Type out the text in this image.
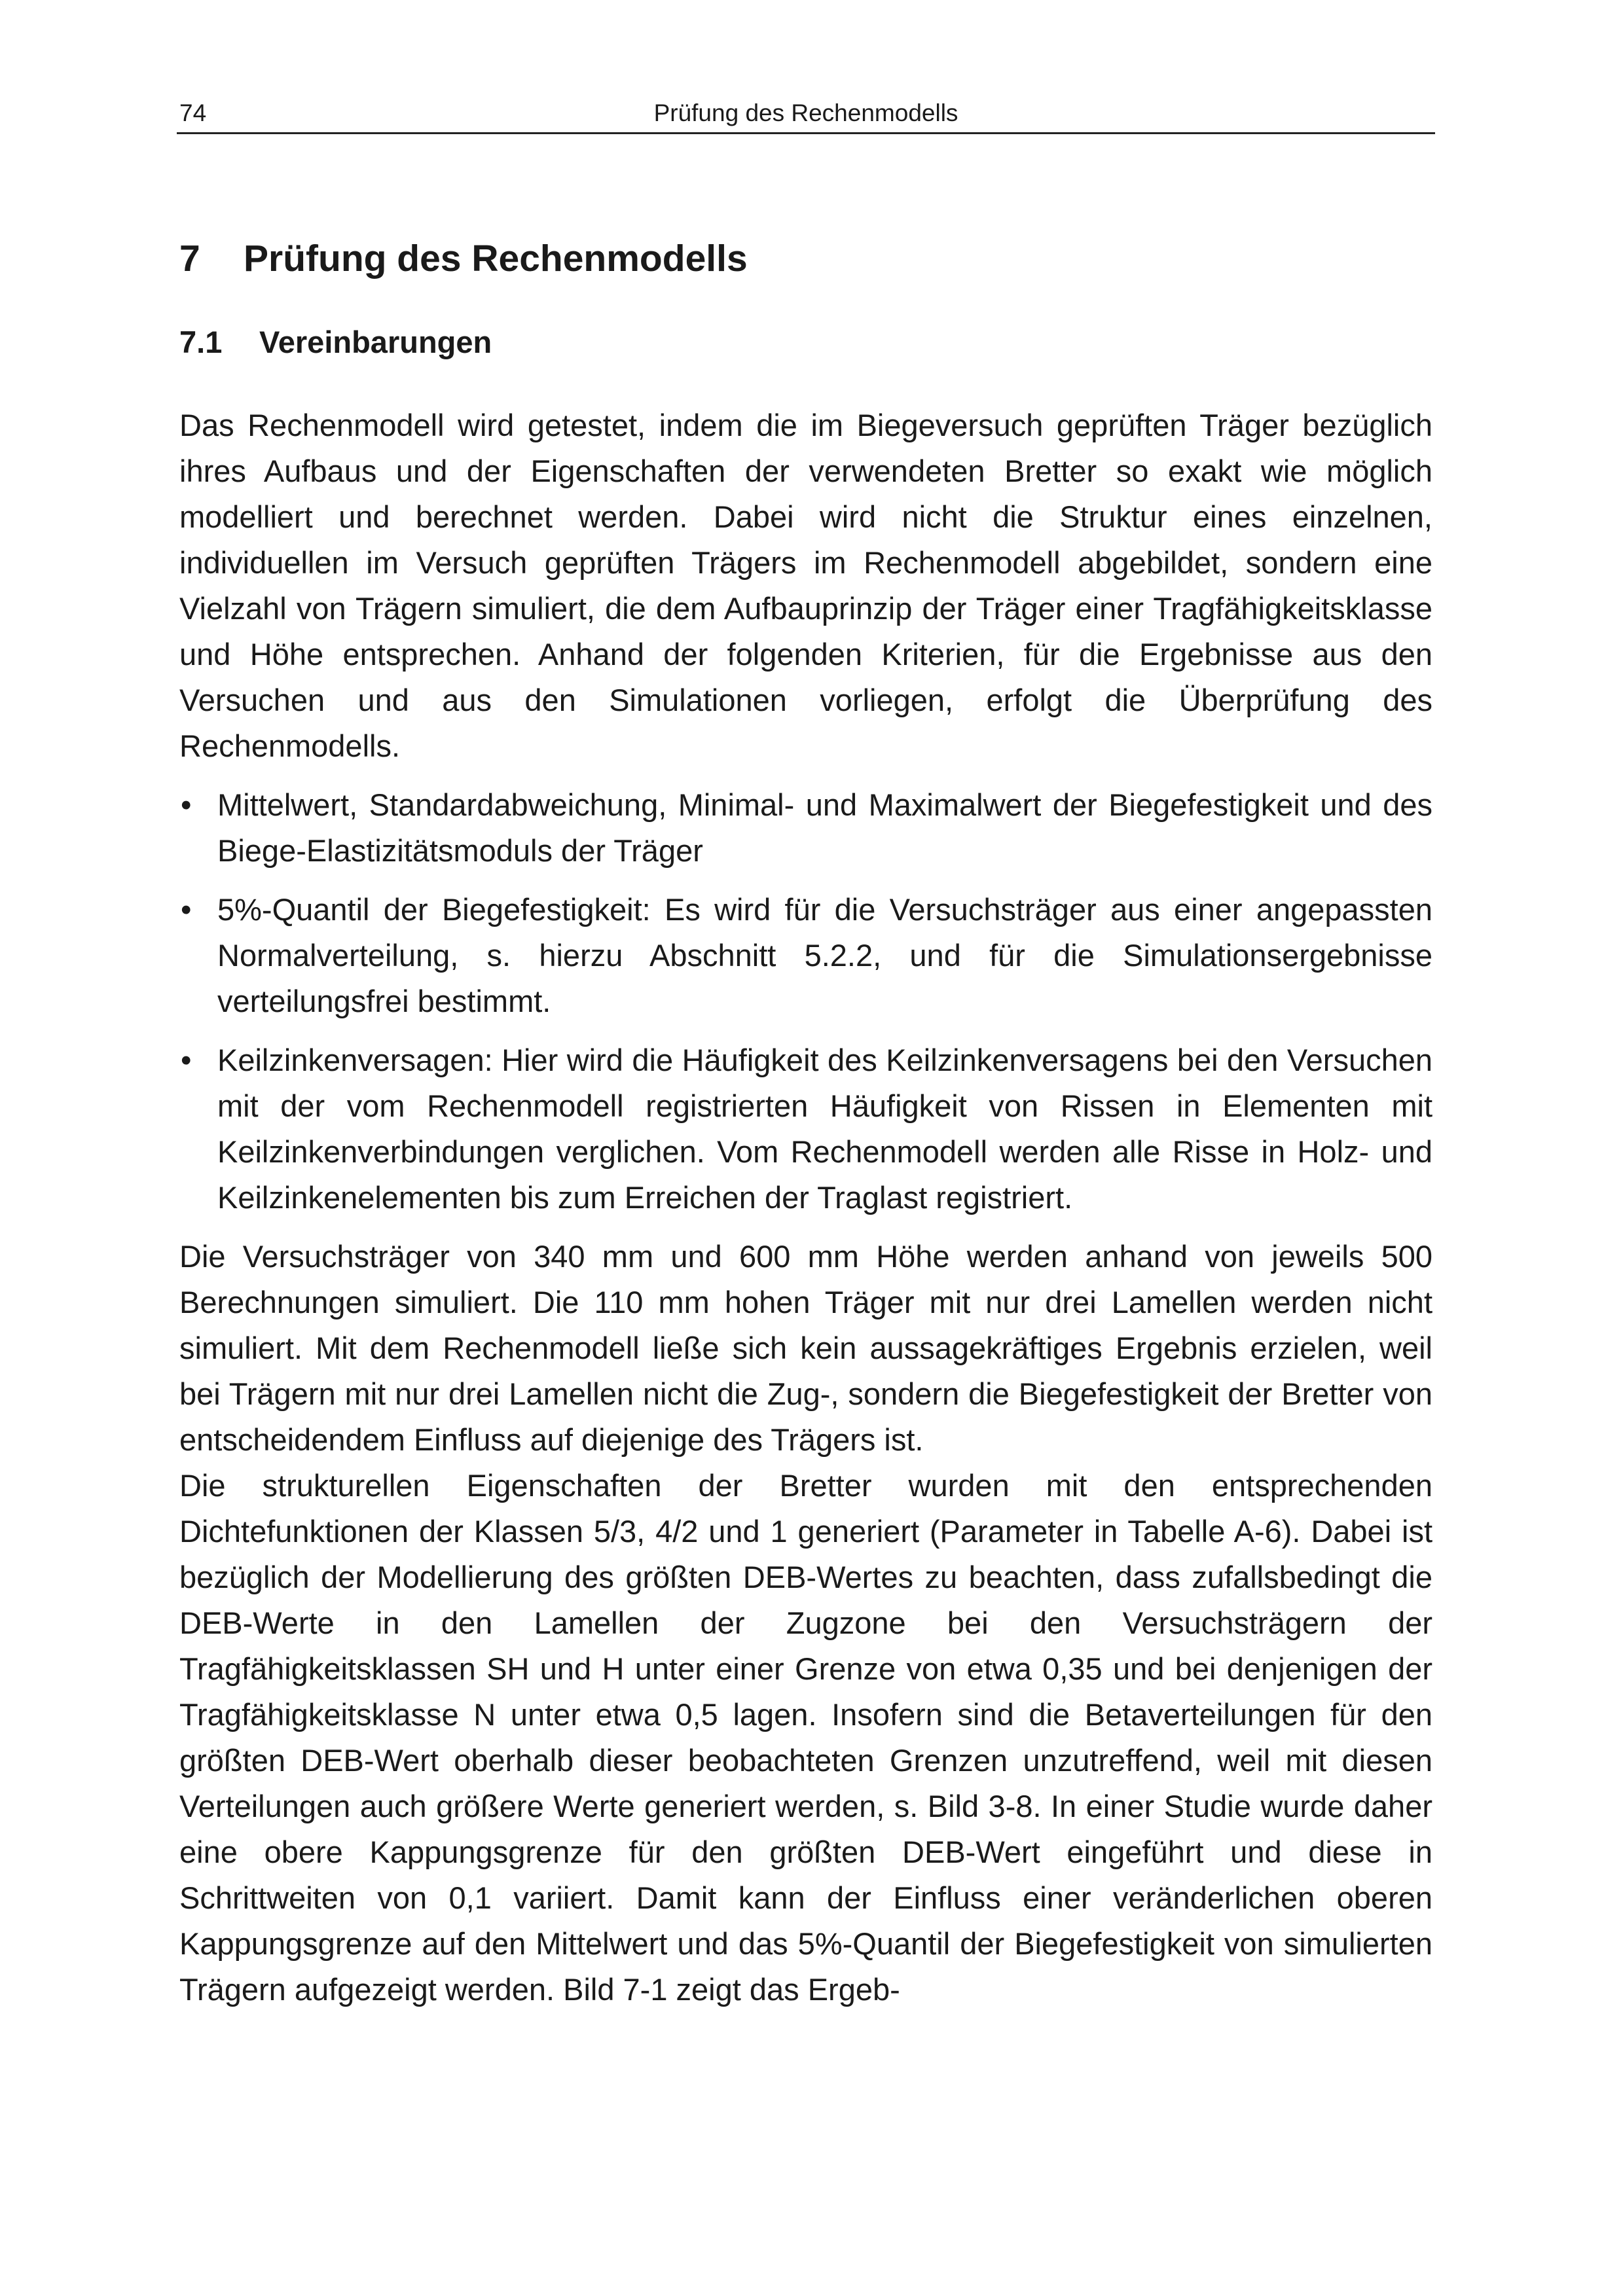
74	Prüfung des Rechenmodells
7 Prüfung des Rechenmodells
7.1 Vereinbarungen

Das Rechenmodell wird getestet, indem die im Biegeversuch geprüften Träger bezüglich ihres Aufbaus und der Eigenschaften der verwendeten Bretter so exakt wie möglich modelliert und berechnet werden. Dabei wird nicht die Struktur eines einzelnen, individuellen im Versuch geprüften Trägers im Rechenmodell abgebildet, sondern eine Vielzahl von Trägern simuliert, die dem Aufbauprinzip der Träger einer Tragfähigkeitsklasse und Höhe entsprechen. Anhand der folgenden Kriterien, für die Ergebnisse aus den Versuchen und aus den Simulationen vorliegen, erfolgt die Überprüfung des Rechenmodells.

• Mittelwert, Standardabweichung, Minimal- und Maximalwert der Biegefestigkeit und des Biege-Elastizitätsmoduls der Träger
• 5%-Quantil der Biegefestigkeit: Es wird für die Versuchsträger aus einer angepassten Normalverteilung, s. hierzu Abschnitt 5.2.2, und für die Simulationsergebnisse verteilungsfrei bestimmt.
• Keilzinkenversagen: Hier wird die Häufigkeit des Keilzinkenversagens bei den Versuchen mit der vom Rechenmodell registrierten Häufigkeit von Rissen in Elementen mit Keilzinkenverbindungen verglichen. Vom Rechenmodell werden alle Risse in Holz- und Keilzinkenelementen bis zum Erreichen der Traglast registriert.

Die Versuchsträger von 340 mm und 600 mm Höhe werden anhand von jeweils 500 Berechnungen simuliert. Die 110 mm hohen Träger mit nur drei Lamellen werden nicht simuliert. Mit dem Rechenmodell ließe sich kein aussagekräftiges Ergebnis erzielen, weil bei Trägern mit nur drei Lamellen nicht die Zug-, sondern die Biegefestigkeit der Bretter von entscheidendem Einfluss auf diejenige des Trägers ist.

Die strukturellen Eigenschaften der Bretter wurden mit den entsprechenden Dichtefunktionen der Klassen 5/3, 4/2 und 1 generiert (Parameter in Tabelle A-6). Dabei ist bezüglich der Modellierung des größten DEB-Wertes zu beachten, dass zufallsbedingt die DEB-Werte in den Lamellen der Zugzone bei den Versuchsträgern der Tragfähigkeitsklassen SH und H unter einer Grenze von etwa 0,35 und bei denjenigen der Tragfähigkeitsklasse N unter etwa 0,5 lagen. Insofern sind die Betaverteilungen für den größten DEB-Wert oberhalb dieser beobachteten Grenzen unzutreffend, weil mit diesen Verteilungen auch größere Werte generiert werden, s. Bild 3-8. In einer Studie wurde daher eine obere Kappungsgrenze für den größten DEB-Wert eingeführt und diese in Schrittweiten von 0,1 variiert. Damit kann der Einfluss einer veränderlichen oberen Kappungsgrenze auf den Mittelwert und das 5%-Quantil der Biegefestigkeit von simulierten Trägern aufgezeigt werden. Bild 7-1 zeigt das Ergeb-
